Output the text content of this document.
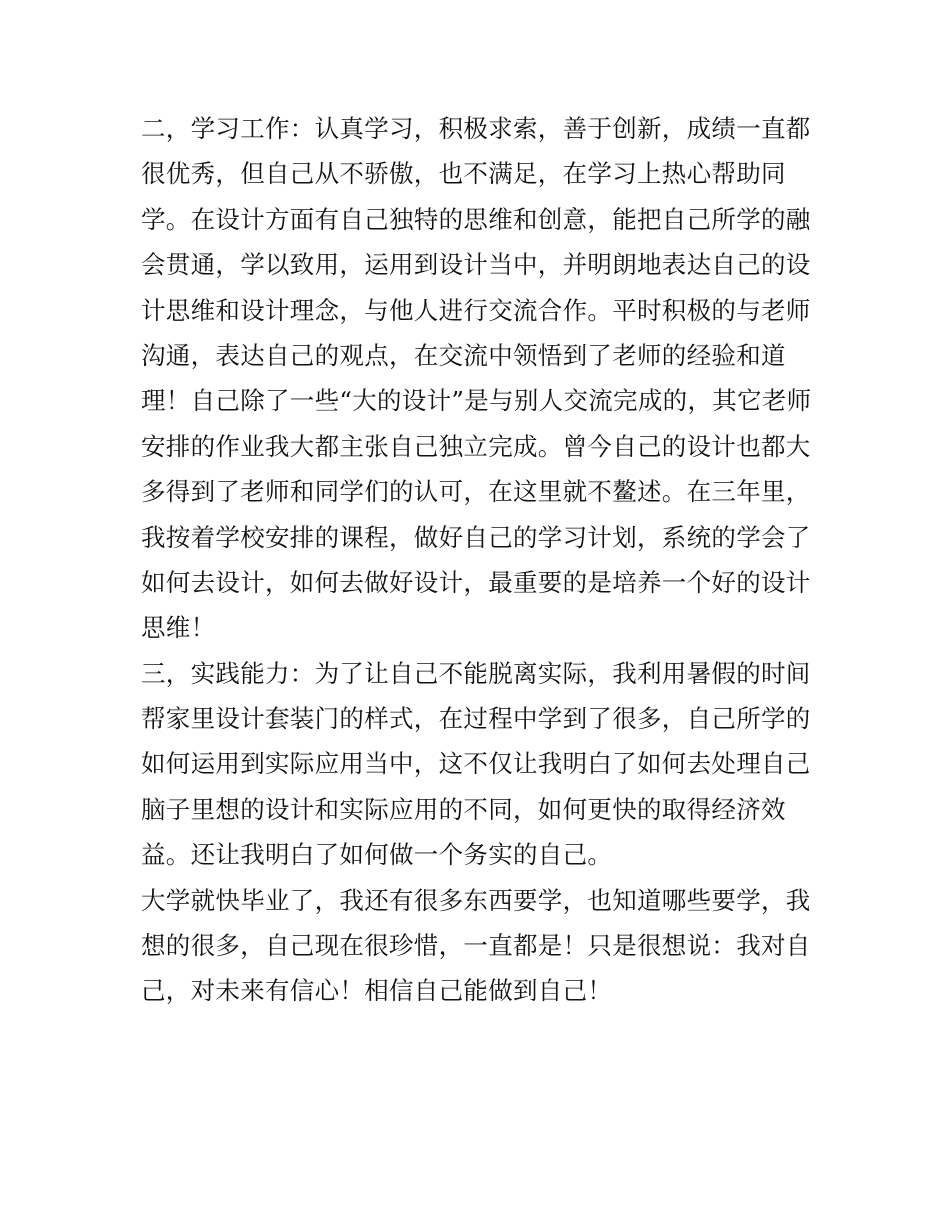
二，学习工作：认真学习，积极求索，善于创新，成绩一直都
很优秀，但自己从不骄傲，也不满足，在学习上热心帮助同
学。在设计方面有自己独特的思维和创意，能把自己所学的融
会贯通，学以致用，运用到设计当中，并明朗地表达自己的设
计思维和设计理念，与他人进行交流合作。平时积极的与老师
沟通，表达自己的观点，在交流中领悟到了老师的经验和道
理！自己除了一些“大的设计”是与别人交流完成的，其它老师
安排的作业我大都主张自己独立完成。曾今自己的设计也都大
多得到了老师和同学们的认可，在这里就不鳌述。在三年里，
我按着学校安排的课程，做好自己的学习计划，系统的学会了
如何去设计，如何去做好设计，最重要的是培养一个好的设计
思维！
三，实践能力：为了让自己不能脱离实际，我利用暑假的时间
帮家里设计套装门的样式，在过程中学到了很多，自己所学的
如何运用到实际应用当中，这不仅让我明白了如何去处理自己
脑子里想的设计和实际应用的不同，如何更快的取得经济效
益。还让我明白了如何做一个务实的自己。
大学就快毕业了，我还有很多东西要学，也知道哪些要学，我
想的很多，自己现在很珍惜，一直都是！只是很想说：我对自
己，对未来有信心！相信自己能做到自己！
